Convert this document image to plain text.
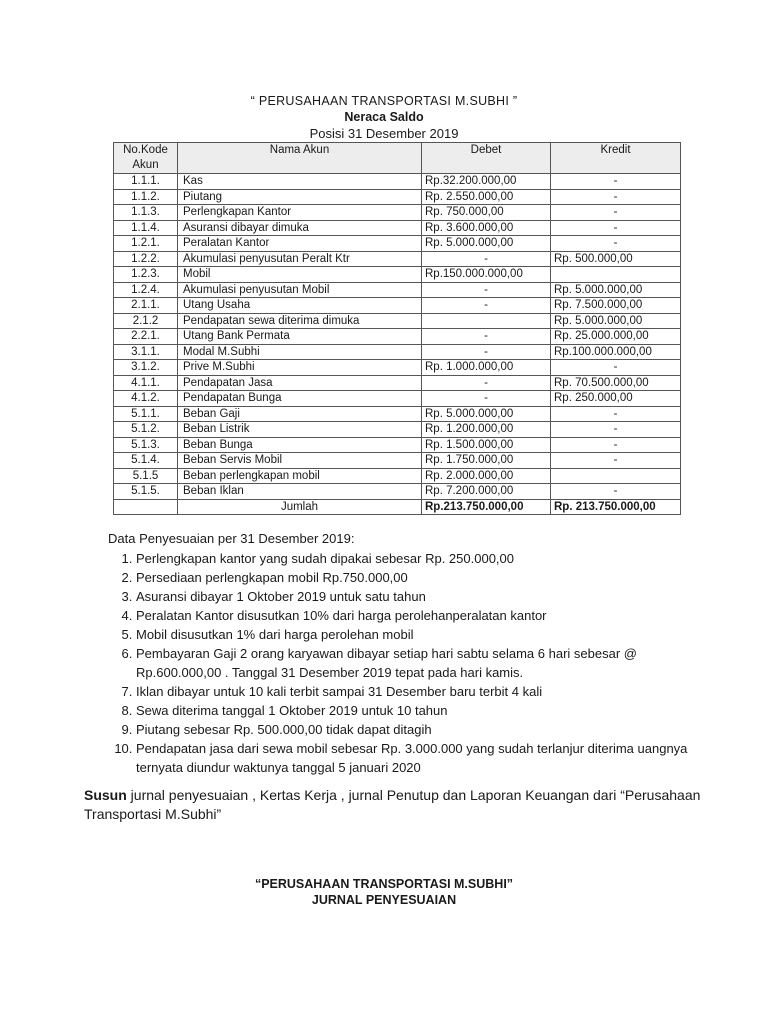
“ PERUSAHAAN TRANSPORTASI M.SUBHI ”
Neraca Saldo
Posisi 31 Desember 2019
No.Kode Akun	Nama Akun	Debet	Kredit
1.1.1.	Kas	Rp.32.200.000,00	-
1.1.2.	Piutang	Rp. 2.550.000,00	-
1.1.3.	Perlengkapan Kantor	Rp. 750.000,00	-
1.1.4.	Asuransi dibayar dimuka	Rp. 3.600.000,00	-
1.2.1.	Peralatan Kantor	Rp. 5.000.000,00	-
1.2.2.	Akumulasi penyusutan Peralt Ktr	-	Rp. 500.000,00
1.2.3.	Mobil	Rp.150.000.000,00	
1.2.4.	Akumulasi penyusutan Mobil	-	Rp. 5.000.000,00
2.1.1.	Utang Usaha	-	Rp. 7.500.000,00
2.1.2	Pendapatan sewa diterima dimuka		Rp. 5.000.000,00
2.2.1.	Utang Bank Permata	-	Rp. 25.000.000,00
3.1.1.	Modal M.Subhi	-	Rp.100.000.000,00
3.1.2.	Prive M.Subhi	Rp. 1.000.000,00	-
4.1.1.	Pendapatan Jasa	-	Rp. 70.500.000,00
4.1.2.	Pendapatan Bunga	-	Rp. 250.000,00
5.1.1.	Beban Gaji	Rp. 5.000.000,00	-
5.1.2.	Beban Listrik	Rp. 1.200.000,00	-
5.1.3.	Beban Bunga	Rp. 1.500.000,00	-
5.1.4.	Beban Servis Mobil	Rp. 1.750.000,00	-
5.1.5	Beban perlengkapan mobil	Rp. 2.000.000,00	
5.1.5.	Beban Iklan	Rp. 7.200.000,00	-
	Jumlah	Rp.213.750.000,00	Rp. 213.750.000,00
Data Penyesuaian per 31 Desember 2019:
1. Perlengkapan kantor yang sudah dipakai sebesar Rp. 250.000,00
2. Persediaan perlengkapan mobil Rp.750.000,00
3. Asuransi dibayar 1 Oktober 2019 untuk satu tahun
4. Peralatan Kantor disusutkan 10% dari harga perolehanperalatan kantor
5. Mobil disusutkan 1% dari harga perolehan mobil
6. Pembayaran Gaji 2 orang karyawan dibayar setiap hari sabtu selama 6 hari sebesar @ Rp.600.000,00 . Tanggal 31 Desember 2019 tepat pada hari kamis.
7. Iklan dibayar untuk 10 kali terbit sampai 31 Desember baru terbit 4 kali
8. Sewa diterima tanggal 1 Oktober 2019 untuk 10 tahun
9. Piutang sebesar Rp. 500.000,00 tidak dapat ditagih
10. Pendapatan jasa dari sewa mobil sebesar Rp. 3.000.000 yang sudah terlanjur diterima uangnya ternyata diundur waktunya tanggal 5 januari 2020
Susun jurnal penyesuaian , Kertas Kerja , jurnal Penutup dan Laporan Keuangan dari “Perusahaan Transportasi M.Subhi”
“PERUSAHAAN TRANSPORTASI M.SUBHI”
JURNAL PENYESUAIAN
